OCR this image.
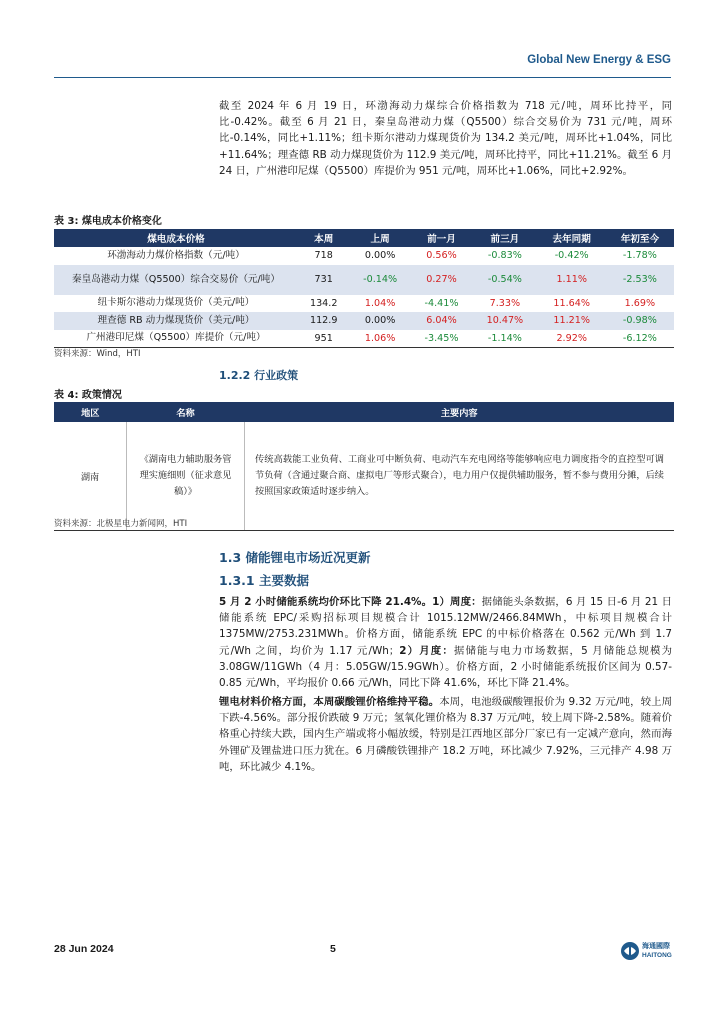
Global New Energy & ESG
截至 2024 年 6 月 19 日，环渤海动力煤综合价格指数为 718 元/吨，周环比持平，同比-0.42%。截至 6 月 21 日，秦皇岛港动力煤（Q5500）综合交易价为 731 元/吨，周环比-0.14%，同比+1.11%；纽卡斯尔港动力煤现货价为 134.2 美元/吨，周环比+1.04%，同比+11.64%；理查德 RB 动力煤现货价为 112.9 美元/吨，周环比持平，同比+11.21%。截至 6 月 24 日，广州港印尼煤（Q5500）库提价为 951 元/吨，周环比+1.06%，同比+2.92%。
表 3: 煤电成本价格变化
煤电成本价格	本周	上周	前一月	前三月	去年同期	年初至今
环渤海动力煤价格指数（元/吨）	718	0.00%	0.56%	-0.83%	-0.42%	-1.78%
秦皇岛港动力煤（Q5500）综合交易价（元/吨）	731	-0.14%	0.27%	-0.54%	1.11%	-2.53%
纽卡斯尔港动力煤现货价（美元/吨）	134.2	1.04%	-4.41%	7.33%	11.64%	1.69%
理查德 RB 动力煤现货价（美元/吨）	112.9	0.00%	6.04%	10.47%	11.21%	-0.98%
广州港印尼煤（Q5500）库提价（元/吨）	951	1.06%	-3.45%	-1.14%	2.92%	-6.12%
资料来源：Wind，HTI
1.2.2 行业政策
表 4: 政策情况
地区	名称	主要内容
湖南	《湖南电力辅助服务管理实施细则（征求意见稿）》	传统高载能工业负荷、工商业可中断负荷、电动汽车充电网络等能够响应电力调度指令的直控型可调节负荷（含通过聚合商、虚拟电厂等形式聚合），电力用户仅提供辅助服务，暂不参与费用分摊，后续按照国家政策适时逐步纳入。
资料来源：北极星电力新闻网，HTI
1.3 储能锂电市场近况更新
1.3.1 主要数据
5 月 2 小时储能系统均价环比下降 21.4%。1）周度：据储能头条数据，6 月 15 日-6 月 21 日储能系统 EPC/采购招标项目规模合计 1015.12MW/2466.84MWh，中标项目规模合计 1375MW/2753.231MWh。价格方面，储能系统 EPC 的中标价格落在 0.562 元/Wh 到 1.7 元/Wh 之间，均价为 1.17 元/Wh；2）月度：据储能与电力市场数据，5 月储能总规模为 3.08GW/11GWh（4 月：5.05GW/15.9GWh）。价格方面，2 小时储能系统报价区间为 0.57-0.85 元/Wh，平均报价 0.66 元/Wh，同比下降 41.6%，环比下降 21.4%。
锂电材料价格方面，本周碳酸锂价格维持平稳。本周，电池级碳酸锂报价为 9.32 万元/吨，较上周下跌-4.56%。部分报价跌破 9 万元；氢氧化锂价格为 8.37 万元/吨，较上周下降-2.58%。随着价格重心持续大跌，国内生产端或将小幅放缓，特别是江西地区部分厂家已有一定减产意向，然而海外锂矿及锂盐进口压力犹在。6 月磷酸铁锂排产 18.2 万吨，环比减少 7.92%，三元排产 4.98 万吨，环比减少 4.1%。
28 Jun 2024	5	海通國際
HAITONG
